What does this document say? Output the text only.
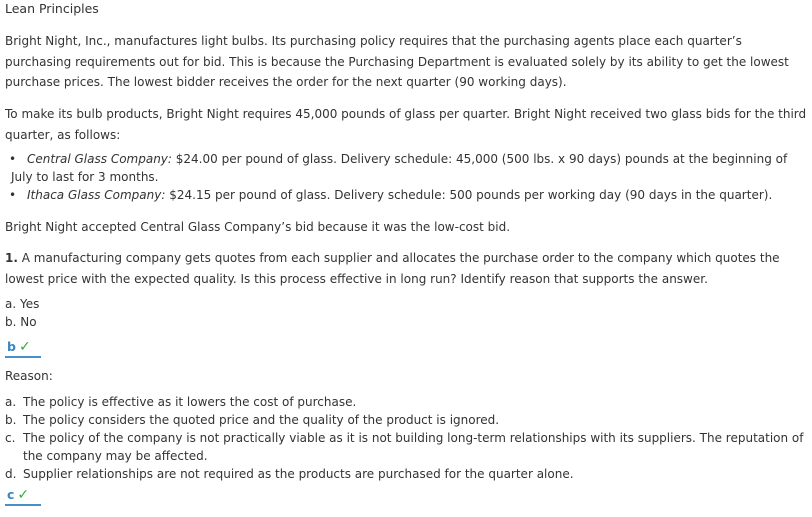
Lean Principles
Bright Night, Inc., manufactures light bulbs. Its purchasing policy requires that the purchasing agents place each quarter’s purchasing requirements out for bid. This is because the Purchasing Department is evaluated solely by its ability to get the lowest purchase prices. The lowest bidder receives the order for the next quarter (90 working days).
To make its bulb products, Bright Night requires 45,000 pounds of glass per quarter. Bright Night received two glass bids for the third quarter, as follows:
• Central Glass Company: $24.00 per pound of glass. Delivery schedule: 45,000 (500 lbs. x 90 days) pounds at the beginning of
July to last for 3 months.
• Ithaca Glass Company: $24.15 per pound of glass. Delivery schedule: 500 pounds per working day (90 days in the quarter).
Bright Night accepted Central Glass Company’s bid because it was the low-cost bid.
1. A manufacturing company gets quotes from each supplier and allocates the purchase order to the company which quotes the lowest price with the expected quality. Is this process effective in long run? Identify reason that supports the answer.
a. Yes
b. No
b ✓
Reason:
a. The policy is effective as it lowers the cost of purchase.
b. The policy considers the quoted price and the quality of the product is ignored.
c. The policy of the company is not practically viable as it is not building long-term relationships with its suppliers. The reputation of the company may be affected.
d. Supplier relationships are not required as the products are purchased for the quarter alone.
c ✓
